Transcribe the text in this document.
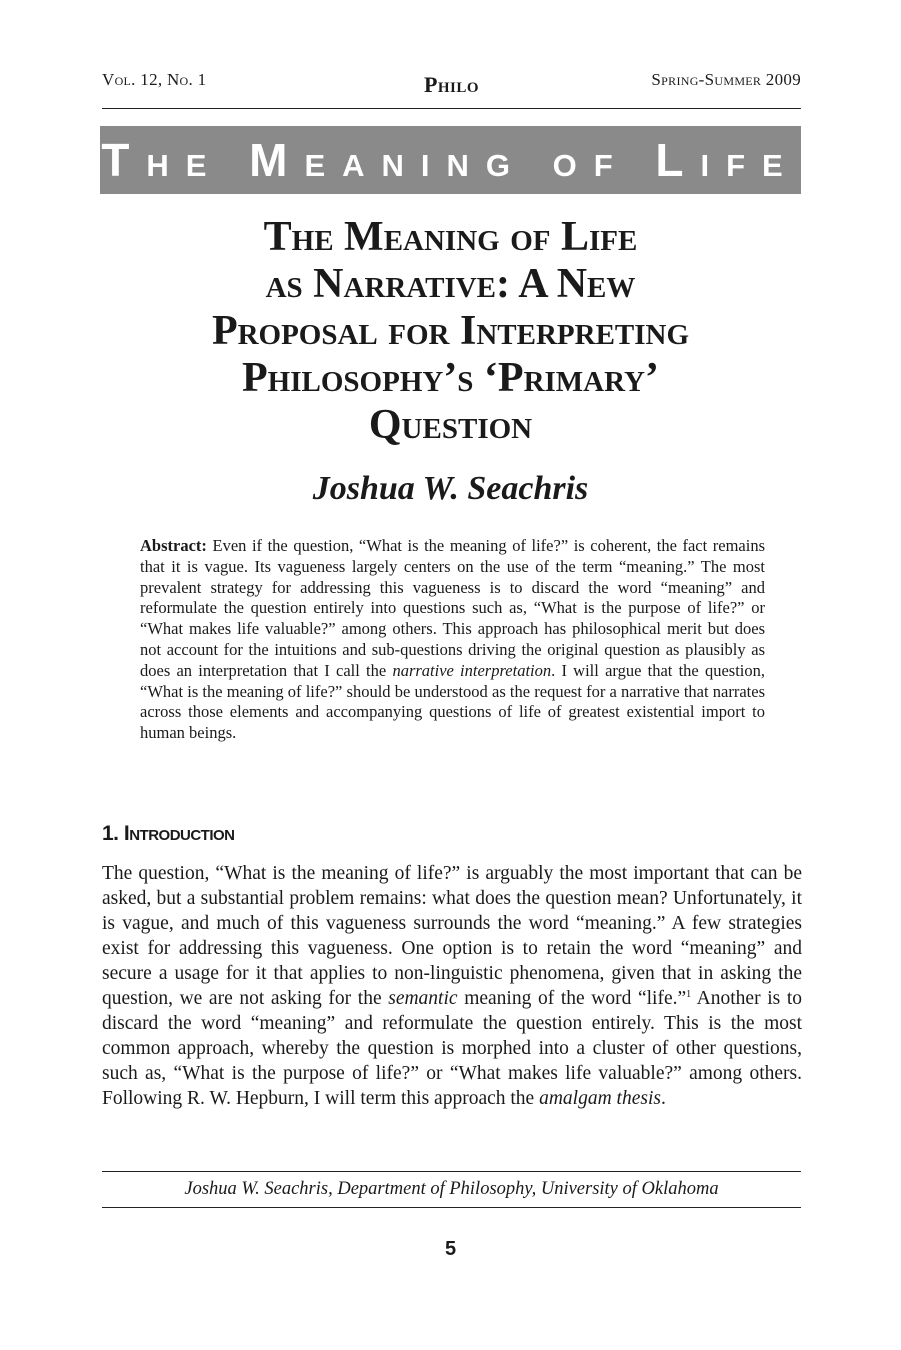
Vol. 12, No. 1	Philo	Spring-Summer 2009
THE MEANING OF LIFE
The Meaning of Life
as Narrative: A New
Proposal for Interpreting
Philosophy’s ‘Primary’
Question

Joshua W. Seachris

Abstract: Even if the question, “What is the meaning of life?” is coherent, the fact remains that it is vague. Its vagueness largely centers on the use of the term “meaning.” The most prevalent strategy for addressing this vagueness is to discard the word “meaning” and reformulate the question entirely into questions such as, “What is the purpose of life?” or “What makes life valuable?” among others. This approach has philosophical merit but does not account for the intuitions and sub-questions driving the original question as plausibly as does an interpretation that I call the narrative interpretation. I will argue that the question, “What is the meaning of life?” should be understood as the request for a narrative that narrates across those elements and accompanying questions of life of greatest existential import to human beings.

1. Introduction

The question, “What is the meaning of life?” is arguably the most important that can be asked, but a substantial problem remains: what does the question mean? Unfortunately, it is vague, and much of this vagueness surrounds the word “meaning.” A few strategies exist for addressing this vagueness. One option is to retain the word “meaning” and secure a usage for it that applies to non-linguistic phenomena, given that in asking the question, we are not asking for the semantic meaning of the word “life.”$^1$ Another is to discard the word “meaning” and reformulate the question entirely. This is the most common approach, whereby the question is morphed into a cluster of other questions, such as, “What is the purpose of life?” or “What makes life valuable?” among others. Following R. W. Hepburn, I will term this approach the amalgam thesis.

Joshua W. Seachris, Department of Philosophy, University of Oklahoma
5
